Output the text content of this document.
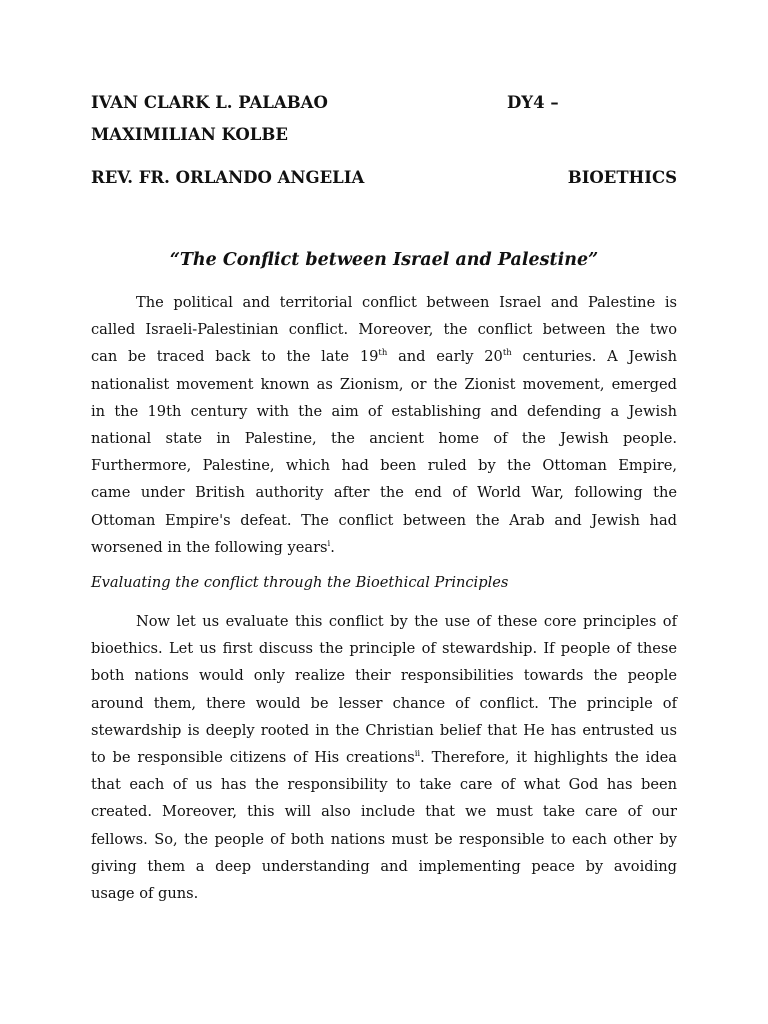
IVAN CLARK L. PALABAO	DY4 –
MAXIMILIAN KOLBE
REV. FR. ORLANDO ANGELIA	BIOETHICS
“The Conflict between Israel and Palestine”
The political and territorial conflict between Israel and Palestine is
called Israeli-Palestinian conflict. Moreover, the conflict between the two
can be traced back to the late 19th and early 20th centuries. A Jewish
nationalist movement known as Zionism, or the Zionist movement, emerged
in the 19th century with the aim of establishing and defending a Jewish
national state in Palestine, the ancient home of the Jewish people.
Furthermore, Palestine, which had been ruled by the Ottoman Empire,
came under British authority after the end of World War, following the
Ottoman Empire's defeat. The conflict between the Arab and Jewish had
worsened in the following years$^i$.
Evaluating the conflict through the Bioethical Principles
Now let us evaluate this conflict by the use of these core principles of
bioethics. Let us first discuss the principle of stewardship. If people of these
both nations would only realize their responsibilities towards the people
around them, there would be lesser chance of conflict. The principle of
stewardship is deeply rooted in the Christian belief that He has entrusted us
to be responsible citizens of His creations$^{ii}$. Therefore, it highlights the idea
that each of us has the responsibility to take care of what God has been
created. Moreover, this will also include that we must take care of our
fellows. So, the people of both nations must be responsible to each other by
giving them a deep understanding and implementing peace by avoiding
usage of guns.
